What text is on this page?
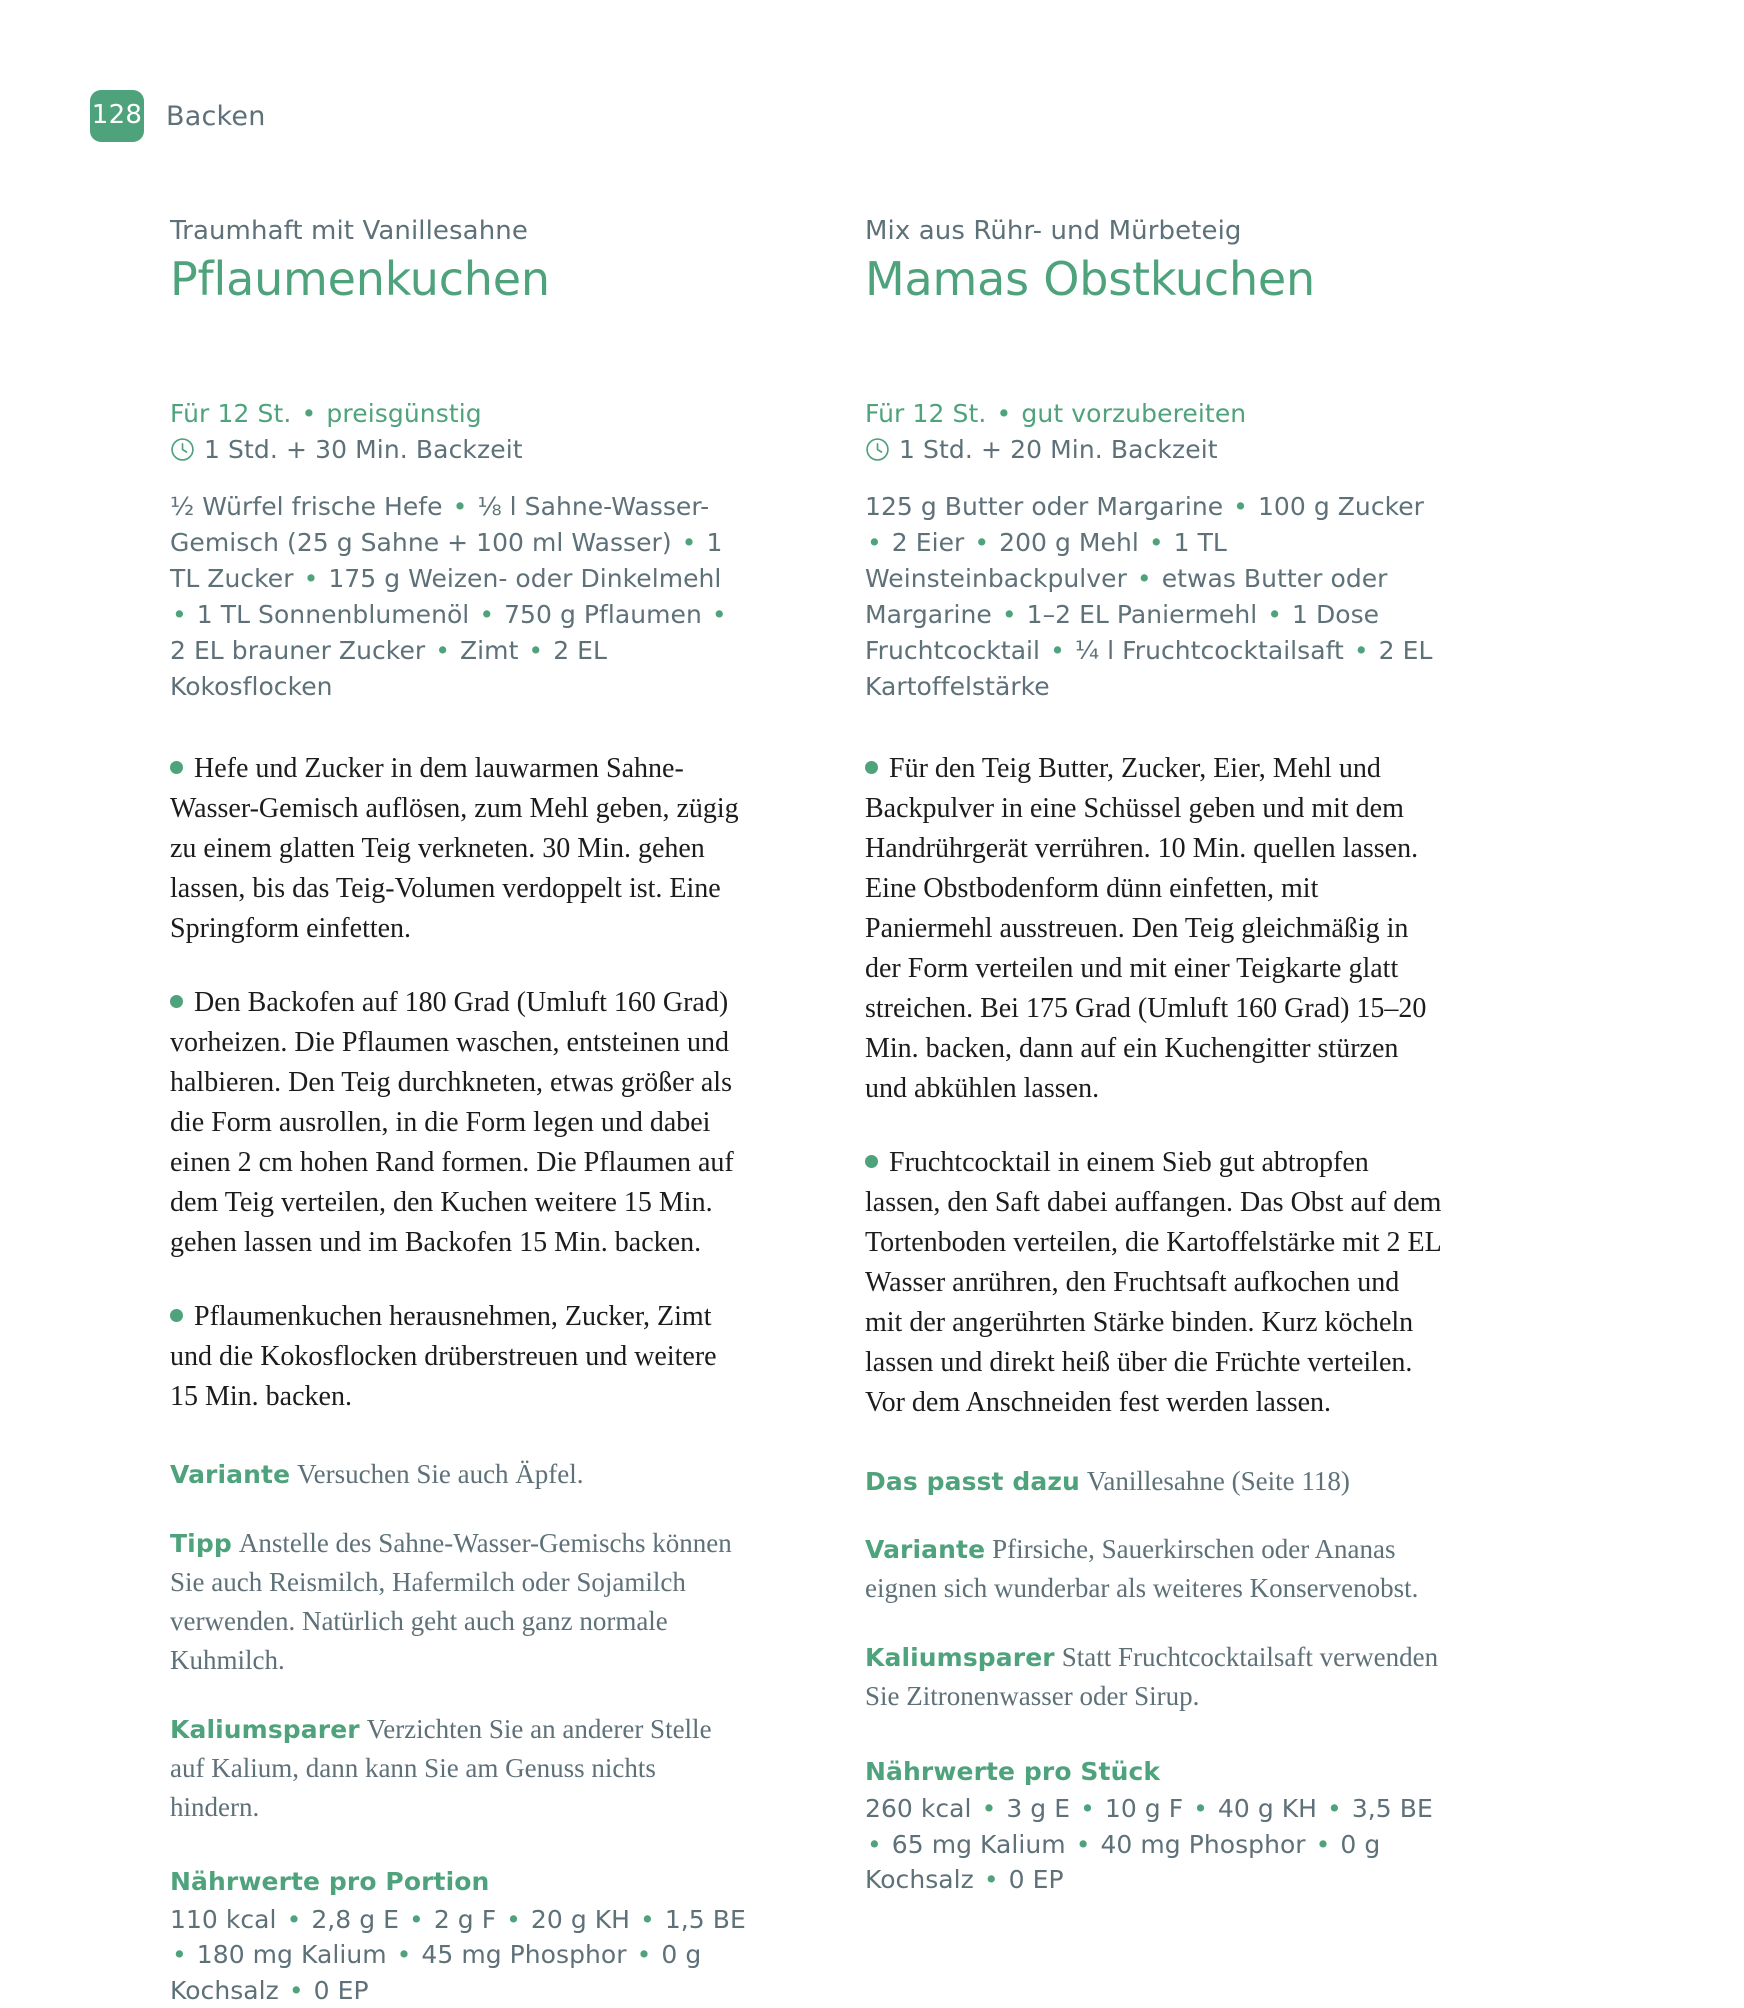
128 Backen
Traumhaft mit Vanillesahne
Pflaumenkuchen
Für 12 St. • preisgünstig
1 Std. + 30 Min. Backzeit
½ Würfel frische Hefe • ⅛ l Sahne-Wasser-Gemisch (25 g Sahne + 100 ml Wasser) • 1 TL Zucker • 175 g Weizen- oder Dinkelmehl • 1 TL Sonnenblumenöl • 750 g Pflaumen • 2 EL brauner Zucker • Zimt • 2 EL Kokosflocken

Hefe und Zucker in dem lauwarmen Sahne-Wasser-Gemisch auflösen, zum Mehl geben, zügig zu einem glatten Teig verkneten. 30 Min. gehen lassen, bis das Teig-Volumen verdoppelt ist. Eine Springform einfetten.

Den Backofen auf 180 Grad (Umluft 160 Grad) vorheizen. Die Pflaumen waschen, entsteinen und halbieren. Den Teig durchkneten, etwas größer als die Form ausrollen, in die Form legen und dabei einen 2 cm hohen Rand formen. Die Pflaumen auf dem Teig verteilen, den Kuchen weitere 15 Min. gehen lassen und im Backofen 15 Min. backen.

Pflaumenkuchen herausnehmen, Zucker, Zimt und die Kokosflocken drüberstreuen und weitere 15 Min. backen.

Variante Versuchen Sie auch Äpfel.

Tipp Anstelle des Sahne-Wasser-Gemischs können Sie auch Reismilch, Hafermilch oder Sojamilch verwenden. Natürlich geht auch ganz normale Kuhmilch.

Kaliumsparer Verzichten Sie an anderer Stelle auf Kalium, dann kann Sie am Genuss nichts hindern.

Nährwerte pro Portion
110 kcal • 2,8 g E • 2 g F • 20 g KH • 1,5 BE • 180 mg Kalium • 45 mg Phosphor • 0 g Kochsalz • 0 EP
Mix aus Rühr- und Mürbeteig
Mamas Obstkuchen
Für 12 St. • gut vorzubereiten
1 Std. + 20 Min. Backzeit
125 g Butter oder Margarine • 100 g Zucker • 2 Eier • 200 g Mehl • 1 TL Weinsteinbackpulver • etwas Butter oder Margarine • 1–2 EL Paniermehl • 1 Dose Fruchtcocktail • ¼ l Fruchtcocktailsaft • 2 EL Kartoffelstärke

Für den Teig Butter, Zucker, Eier, Mehl und Backpulver in eine Schüssel geben und mit dem Handrührgerät verrühren. 10 Min. quellen lassen. Eine Obstbodenform dünn einfetten, mit Paniermehl ausstreuen. Den Teig gleichmäßig in der Form verteilen und mit einer Teigkarte glatt streichen. Bei 175 Grad (Umluft 160 Grad) 15–20 Min. backen, dann auf ein Kuchengitter stürzen und abkühlen lassen.

Fruchtcocktail in einem Sieb gut abtropfen lassen, den Saft dabei auffangen. Das Obst auf dem Tortenboden verteilen, die Kartoffelstärke mit 2 EL Wasser anrühren, den Fruchtsaft aufkochen und mit der angerührten Stärke binden. Kurz köcheln lassen und direkt heiß über die Früchte verteilen. Vor dem Anschneiden fest werden lassen.

Das passt dazu Vanillesahne (Seite 118)

Variante Pfirsiche, Sauerkirschen oder Ananas eignen sich wunderbar als weiteres Konservenobst.

Kaliumsparer Statt Fruchtcocktailsaft verwenden Sie Zitronenwasser oder Sirup.

Nährwerte pro Stück
260 kcal • 3 g E • 10 g F • 40 g KH • 3,5 BE • 65 mg Kalium • 40 mg Phosphor • 0 g Kochsalz • 0 EP
